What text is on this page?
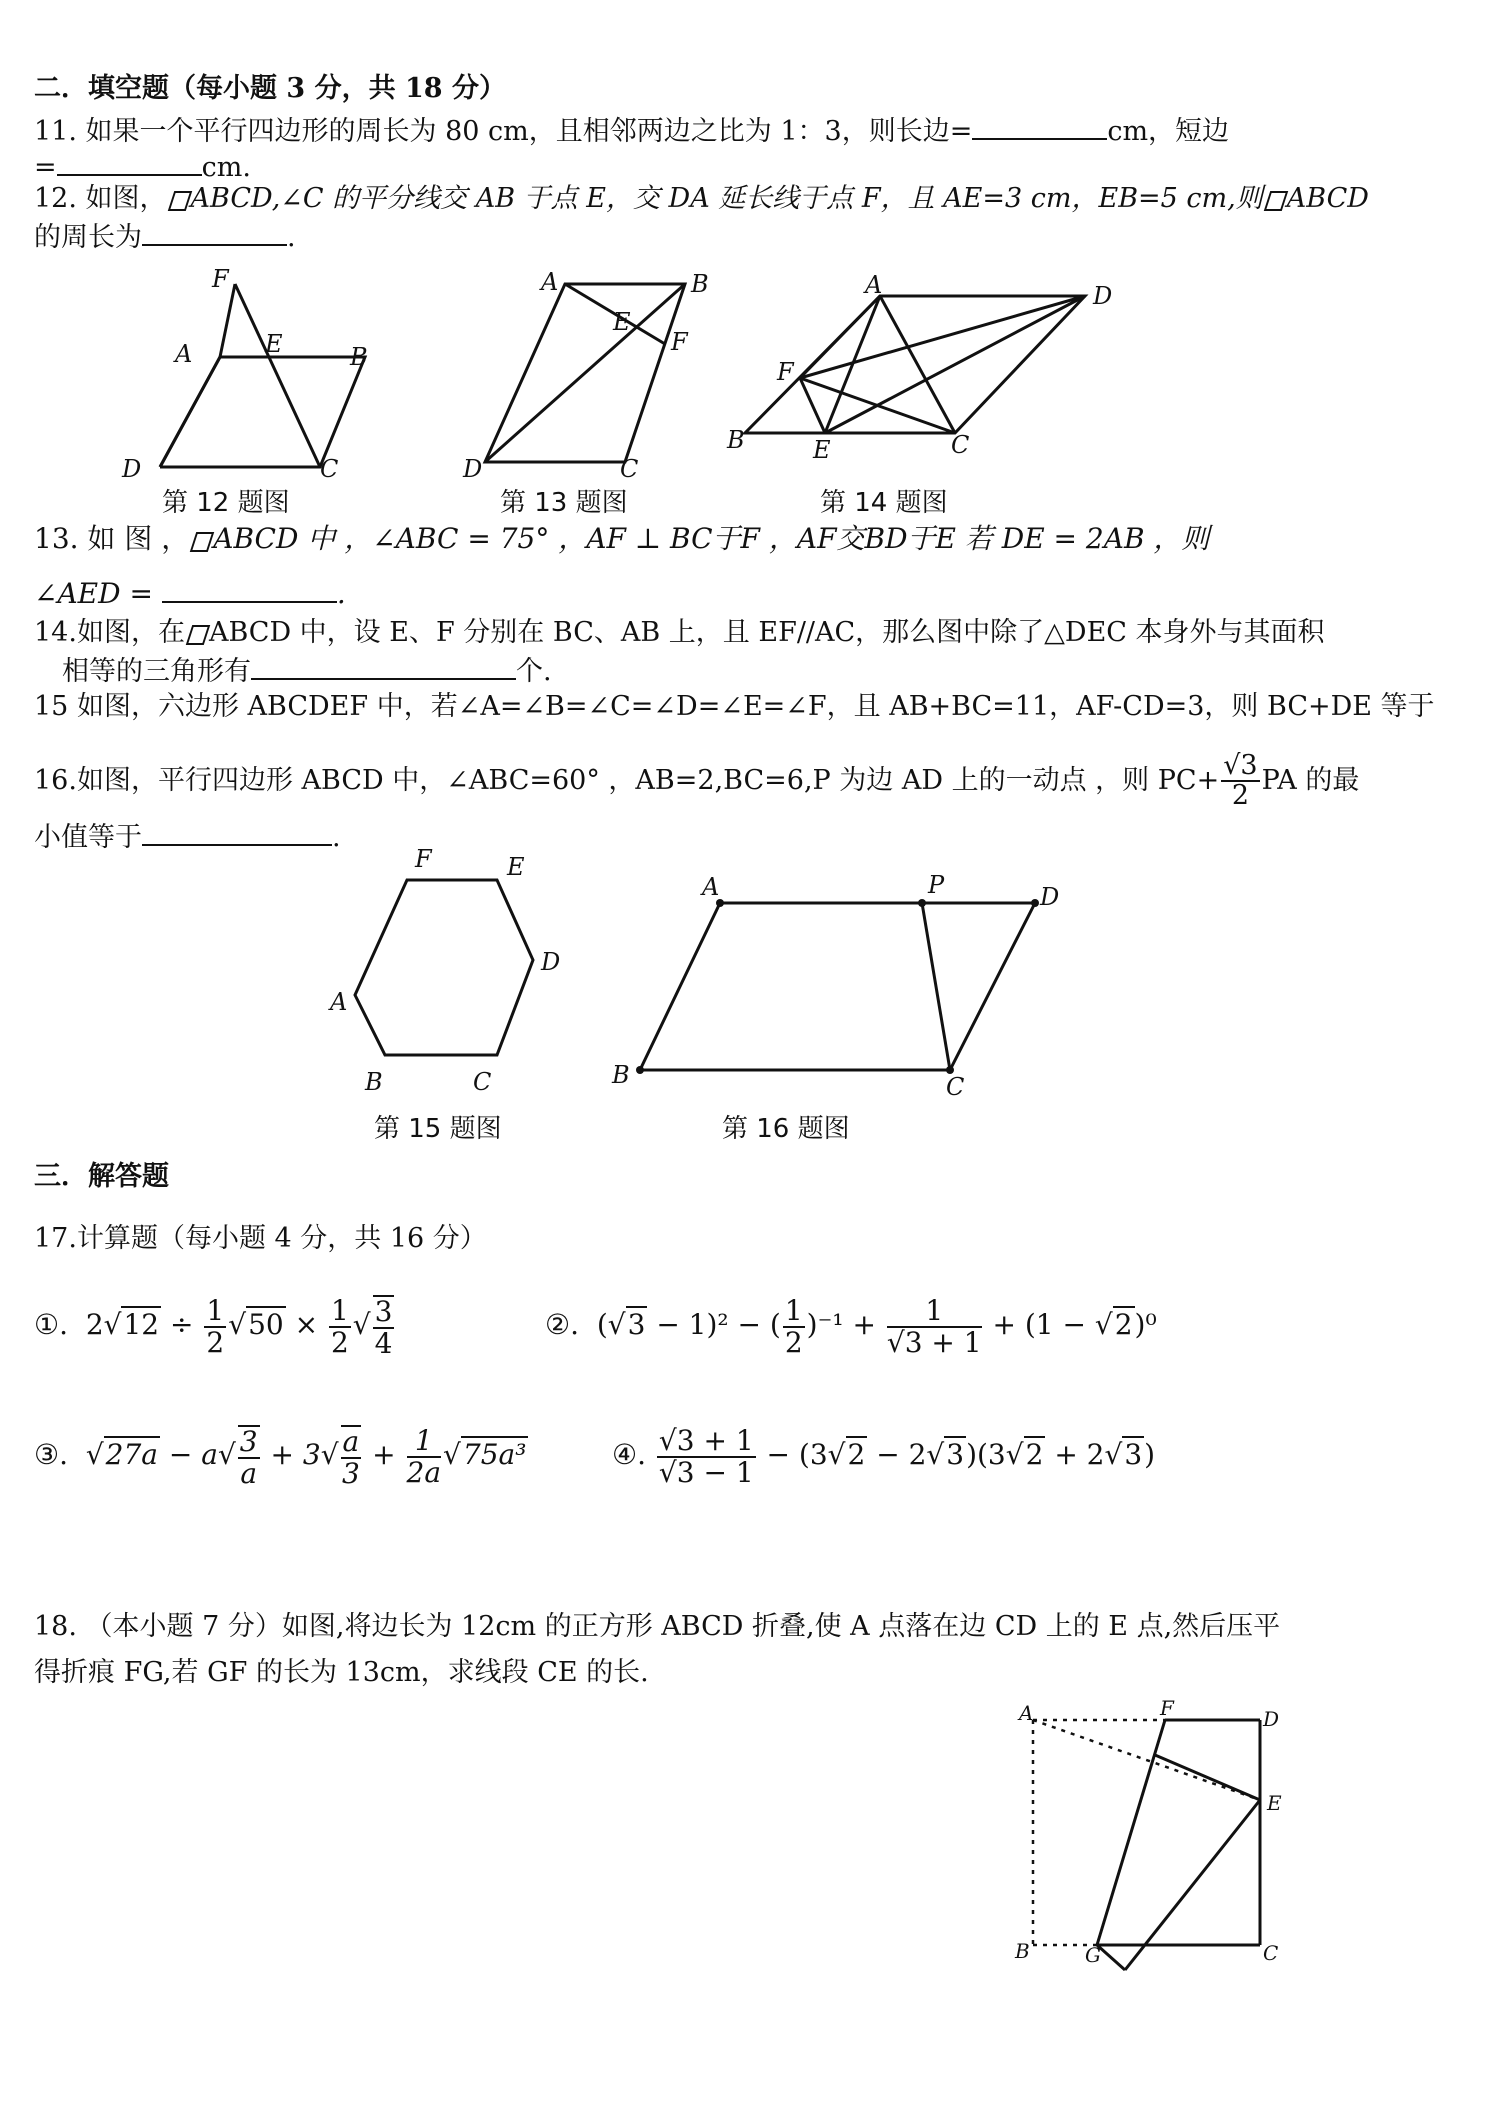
二．填空题（每小题 3 分，共 18 分）
11. 如果一个平行四边形的周长为 80 cm，且相邻两边之比为 1：3，则长边=	cm，短边
=	cm.
12. 如图， ABCD,∠C 的平分线交 AB 于点 E，交 DA 延长线于点 F，且 AE=3 cm，EB=5 cm,则 ABCD
的周长为	.
F
E
A	B
D	C
第 12 题图
A	B
E
F
D	C
第 13 题图
A	D
F
B	E	C
第 14 题图
13. 如 图 ， ABCD 中 ，∠ABC = 75° ，AF ⊥ BC于F ，AF交BD于E 若 DE = 2AB ，则
∠AED =	.
14.如图，在 ABCD 中，设 E、F 分别在 BC、AB 上，且 EF//AC，那么图中除了△DEC 本身外与其面积
相等的三角形有	个.
15 如图，六边形 ABCDEF 中，若∠A=∠B=∠C=∠D=∠E=∠F，且 AB+BC=11，AF-CD=3，则 BC+DE 等于
16.如图，平行四边形 ABCD 中，∠ABC=60° ，AB=2,BC=6,P 为边 AD 上的一动点 ，则 $PC+ \frac{√3}{2}$ PA 的最
小值等于	.
F	E
D
A
B	C
第 15 题图
A	P	D
B	C
第 16 题图
三．解答题
17.计算题（每小题 4 分，共 16 分）
①.  $2√12 \div \frac{1}{2} √50 \times \frac{1}{2}$ √ $\frac{3}{4}$	②.  (√3 − 1)² − ( $\frac{1}{2} )^{-1} + \frac{1}{√3 + 1} + (1 - √2)^0$
③.  $√27a - a√ \frac{3}{a} + 3√ \frac{a}{3} + \frac{1}{2a} √75a^3$	④. $\frac{√3 + 1}{√3 - 1} - (3√2 - 2√3)(3√2 + 2√3)$
18. （本小题 7 分）如图,将边长为 12cm 的正方形 ABCD 折叠,使 A 点落在边 CD 上的 E 点,然后压平
得折痕 FG,若 GF 的长为 13cm，求线段 CE 的长.
A	F	D
E
B	G	C
